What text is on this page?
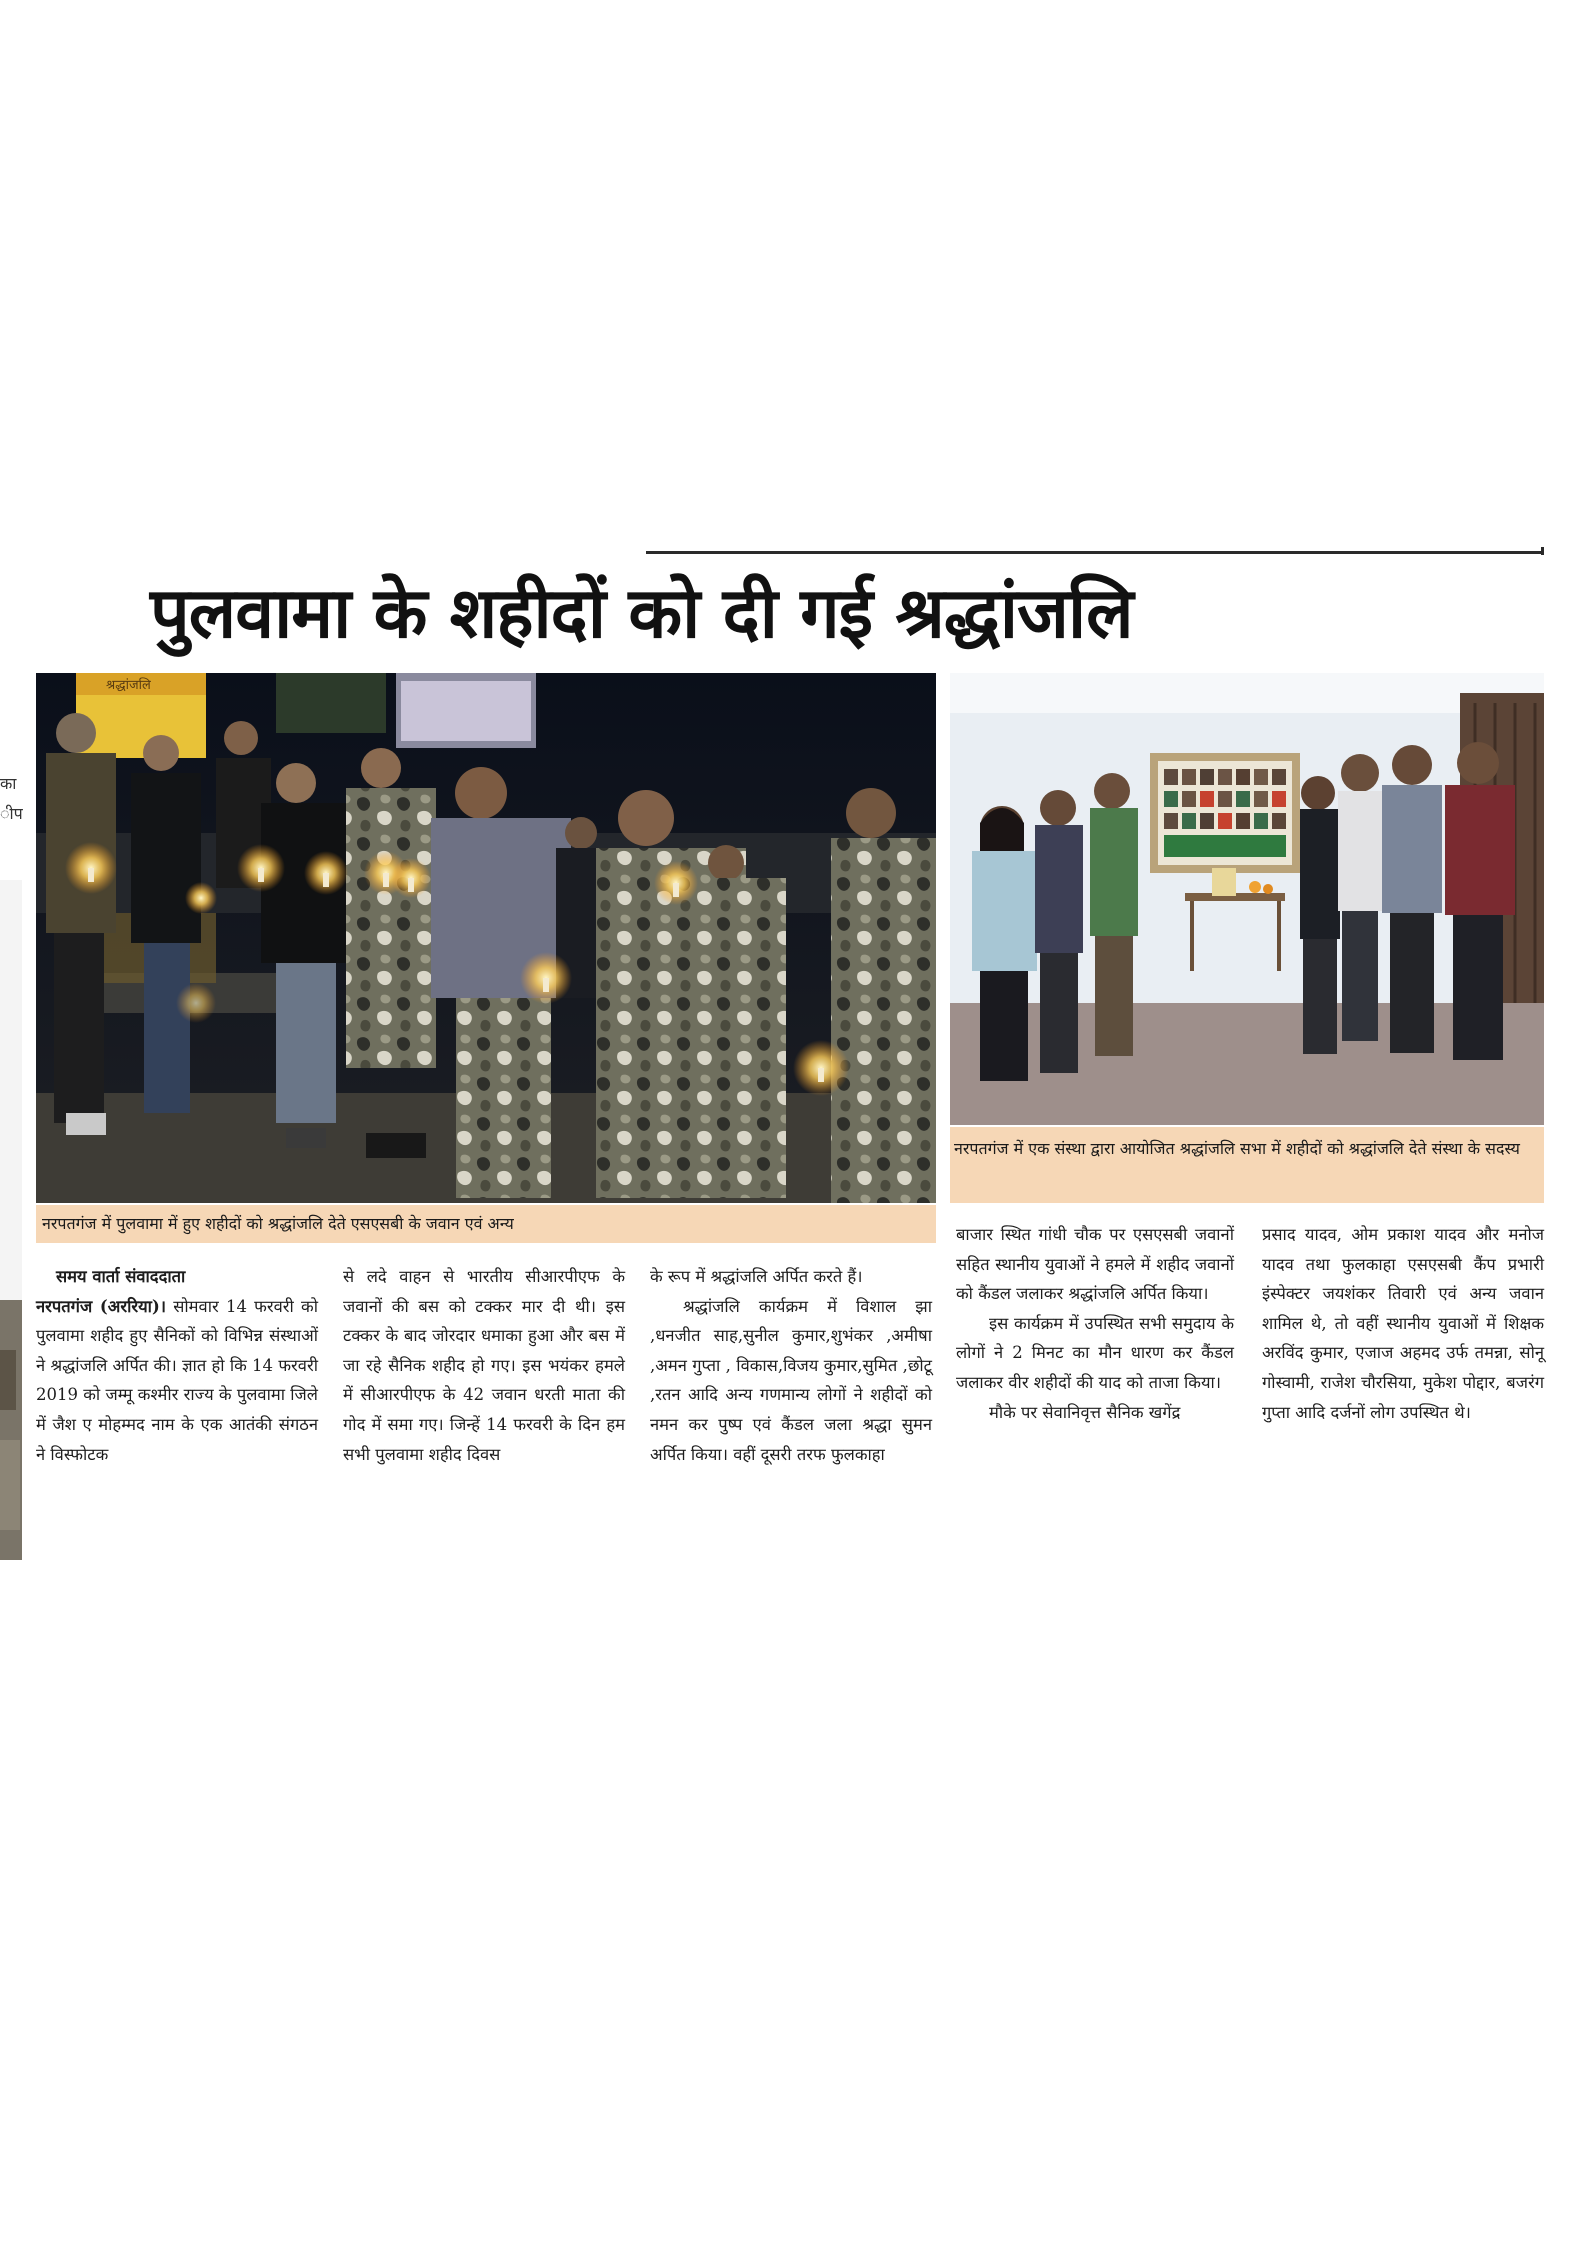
का
ीप
पुलवामा के शहीदों को दी गई श्रद्धांजलि
श्रद्धांजलि
नरपतगंज में पुलवामा में हुए शहीदों को श्रद्धांजलि देते एसएसबी के जवान एवं अन्य
नरपतगंज में एक संस्था द्वारा आयोजित श्रद्धांजलि सभा में शहीदों को श्रद्धांजलि देते संस्था के सदस्य

समय वार्ता संवाददाता

नरपतगंज (अररिया)। सोमवार 14 फरवरी को पुलवामा शहीद हुए सैनिकों को विभिन्न संस्थाओं ने श्रद्धांजलि अर्पित की। ज्ञात हो कि 14 फरवरी 2019 को जम्मू कश्मीर राज्य के पुलवामा जिले में जैश ए मोहम्मद नाम के एक आतंकी संगठन ने विस्फोटक

से लदे वाहन से भारतीय सीआरपीएफ के जवानों की बस को टक्कर मार दी थी। इस टक्कर के बाद जोरदार धमाका हुआ और बस में जा रहे सैनिक शहीद हो गए। इस भयंकर हमले में सीआरपीएफ के 42 जवान धरती माता की गोद में समा गए। जिन्हें 14 फरवरी के दिन हम सभी पुलवामा शहीद दिवस

के रूप में श्रद्धांजलि अर्पित करते हैं।

श्रद्धांजलि कार्यक्रम में विशाल झा ,धनजीत साह,सुनील कुमार,शुभंकर ,अमीषा ,अमन गुप्ता , विकास,विजय कुमार,सुमित ,छोटू ,रतन आदि अन्य गणमान्य लोगों ने शहीदों को नमन कर पुष्प एवं कैंडल जला श्रद्धा सुमन अर्पित किया। वहीं दूसरी तरफ फुलकाहा

बाजार स्थित गांधी चौक पर एसएसबी जवानों सहित स्थानीय युवाओं ने हमले में शहीद जवानों को कैंडल जलाकर श्रद्धांजलि अर्पित किया।

इस कार्यक्रम में उपस्थित सभी समुदाय के लोगों ने 2 मिनट का मौन धारण कर कैंडल जलाकर वीर शहीदों की याद को ताजा किया।

मौके पर सेवानिवृत्त सैनिक खगेंद्र

प्रसाद यादव, ओम प्रकाश यादव और मनोज यादव तथा फुलकाहा एसएसबी कैंप प्रभारी इंस्पेक्टर जयशंकर तिवारी एवं अन्य जवान शामिल थे, तो वहीं स्थानीय युवाओं में शिक्षक अरविंद कुमार, एजाज अहमद उर्फ तमन्ना, सोनू गोस्वामी, राजेश चौरसिया, मुकेश पोद्दार, बजरंग गुप्ता आदि दर्जनों लोग उपस्थित थे।
